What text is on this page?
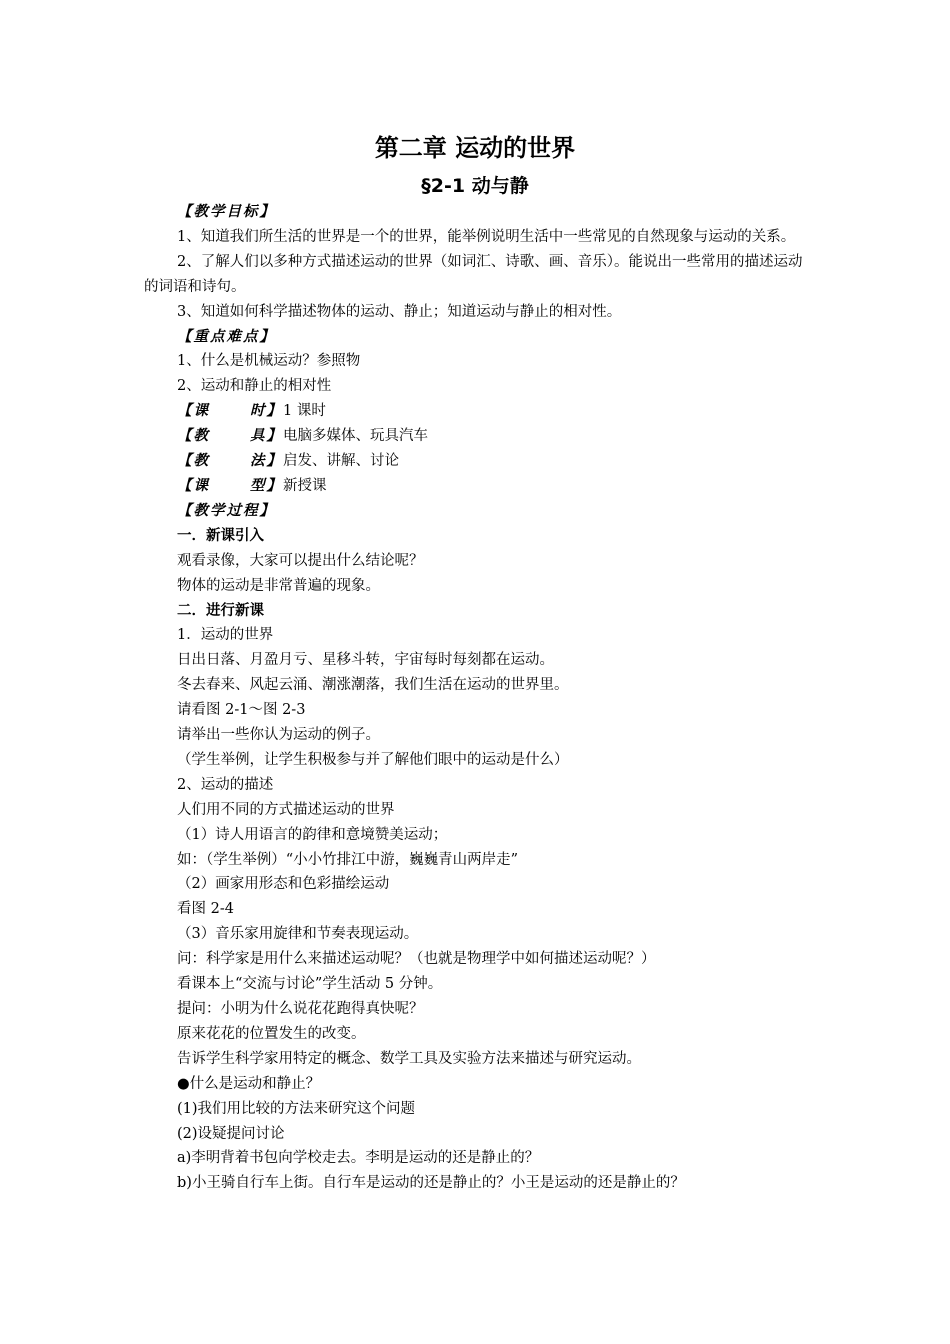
第二章 运动的世界
§2-1 动与静

【教学目标】

1、知道我们所生活的世界是一个的世界，能举例说明生活中一些常见的自然现象与运动的关系。

2、了解人们以多种方式描述运动的世界（如词汇、诗歌、画、音乐）。能说出一些常用的描述运动的词语和诗句。

3、知道如何科学描述物体的运动、静止；知道运动与静止的相对性。

【重点难点】

1、什么是机械运动？参照物

2、运动和静止的相对性

【课	时】1 课时

【教	具】电脑多媒体、玩具汽车

【教	法】启发、讲解、讨论

【课	型】新授课

【教学过程】

一．新课引入

观看录像，大家可以提出什么结论呢？

物体的运动是非常普遍的现象。

二．进行新课

1．运动的世界

日出日落、月盈月亏、星移斗转，宇宙每时每刻都在运动。

冬去春来、风起云涌、潮涨潮落，我们生活在运动的世界里。

请看图 2-1～图 2-3

请举出一些你认为运动的例子。

（学生举例，让学生积极参与并了解他们眼中的运动是什么）

2、运动的描述

人们用不同的方式描述运动的世界

（1）诗人用语言的韵律和意境赞美运动；

如：（学生举例）“小小竹排江中游，巍巍青山两岸走”

（2）画家用形态和色彩描绘运动

看图 2-4

（3）音乐家用旋律和节奏表现运动。

问：科学家是用什么来描述运动呢？（也就是物理学中如何描述运动呢？）

看课本上“交流与讨论”学生活动 5 分钟。

提问：小明为什么说花花跑得真快呢？

原来花花的位置发生的改变。

告诉学生科学家用特定的概念、数学工具及实验方法来描述与研究运动。

●什么是运动和静止？

(1)我们用比较的方法来研究这个问题

(2)设疑提问讨论

a)李明背着书包向学校走去。李明是运动的还是静止的？

b)小王骑自行车上街。自行车是运动的还是静止的？小王是运动的还是静止的？
